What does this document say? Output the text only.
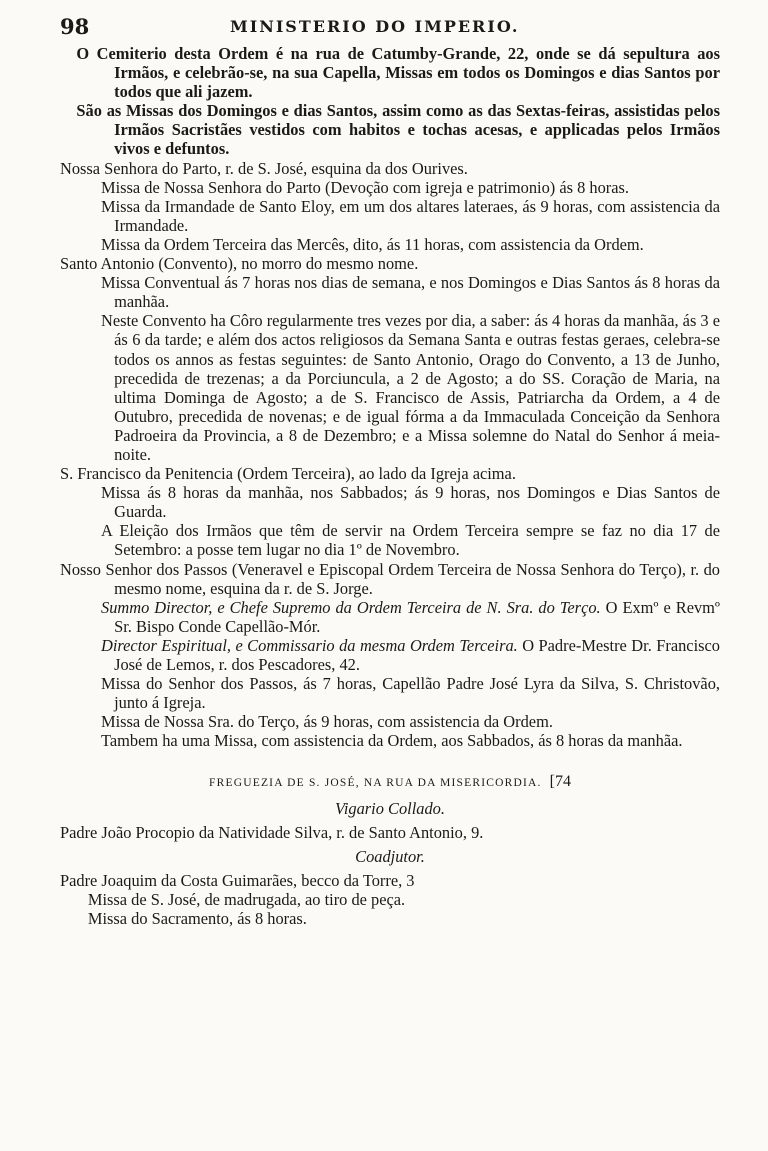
98	MINISTERIO DO IMPERIO.

O Cemiterio desta Ordem é na rua de Catumby-Grande, 22, onde se dá sepultura aos Irmãos, e celebrão-se, na sua Capella, Missas em todos os Domingos e dias Santos por todos que ali jazem.

São as Missas dos Domingos e dias Santos, assim como as das Sextas-feiras, assistidas pelos Irmãos Sacristães vestidos com habitos e tochas acesas, e applicadas pelos Irmãos vivos e defuntos.

Nossa Senhora do Parto, r. de S. José, esquina da dos Ourives.

Missa de Nossa Senhora do Parto (Devoção com igreja e patrimonio) ás 8 horas.

Missa da Irmandade de Santo Eloy, em um dos altares lateraes, ás 9 horas, com assistencia da Irmandade.

Missa da Ordem Terceira das Mercês, dito, ás 11 horas, com assistencia da Ordem.

Santo Antonio (Convento), no morro do mesmo nome.

Missa Conventual ás 7 horas nos dias de semana, e nos Domingos e Dias Santos ás 8 horas da manhãa.

Neste Convento ha Côro regularmente tres vezes por dia, a saber: ás 4 horas da manhãa, ás 3 e ás 6 da tarde; e além dos actos religiosos da Semana Santa e outras festas geraes, celebra-se todos os annos as festas seguintes: de Santo Antonio, Orago do Convento, a 13 de Junho, precedida de trezenas; a da Porciuncula, a 2 de Agosto; a do SS. Coração de Maria, na ultima Dominga de Agosto; a de S. Francisco de Assis, Patriarcha da Ordem, a 4 de Outubro, precedida de novenas; e de igual fórma a da Immaculada Conceição da Senhora Padroeira da Provincia, a 8 de Dezembro; e a Missa solemne do Natal do Senhor á meia-noite.

S. Francisco da Penitencia (Ordem Terceira), ao lado da Igreja acima.

Missa ás 8 horas da manhãa, nos Sabbados; ás 9 horas, nos Domingos e Dias Santos de Guarda.

A Eleição dos Irmãos que têm de servir na Ordem Terceira sempre se faz no dia 17 de Setembro: a posse tem lugar no dia 1º de Novembro.

Nosso Senhor dos Passos (Veneravel e Episcopal Ordem Terceira de Nossa Senhora do Terço), r. do mesmo nome, esquina da r. de S. Jorge.

Summo Director, e Chefe Supremo da Ordem Terceira de N. Sra. do Terço. O Exmº e Revmº Sr. Bispo Conde Capellão-Mór.

Director Espiritual, e Commissario da mesma Ordem Terceira. O Padre-Mestre Dr. Francisco José de Lemos, r. dos Pescadores, 42.

Missa do Senhor dos Passos, ás 7 horas, Capellão Padre José Lyra da Silva, S. Christovão, junto á Igreja.

Missa de Nossa Sra. do Terço, ás 9 horas, com assistencia da Ordem.

Tambem ha uma Missa, com assistencia da Ordem, aos Sabbados, ás 8 horas da manhãa.

FREGUEZIA DE S. JOSÉ, NA RUA DA MISERICORDIA. [74

Vigario Collado.

Padre João Procopio da Natividade Silva, r. de Santo Antonio, 9.

Coadjutor.

Padre Joaquim da Costa Guimarães, becco da Torre, 3

Missa de S. José, de madrugada, ao tiro de peça.

Missa do Sacramento, ás 8 horas.
